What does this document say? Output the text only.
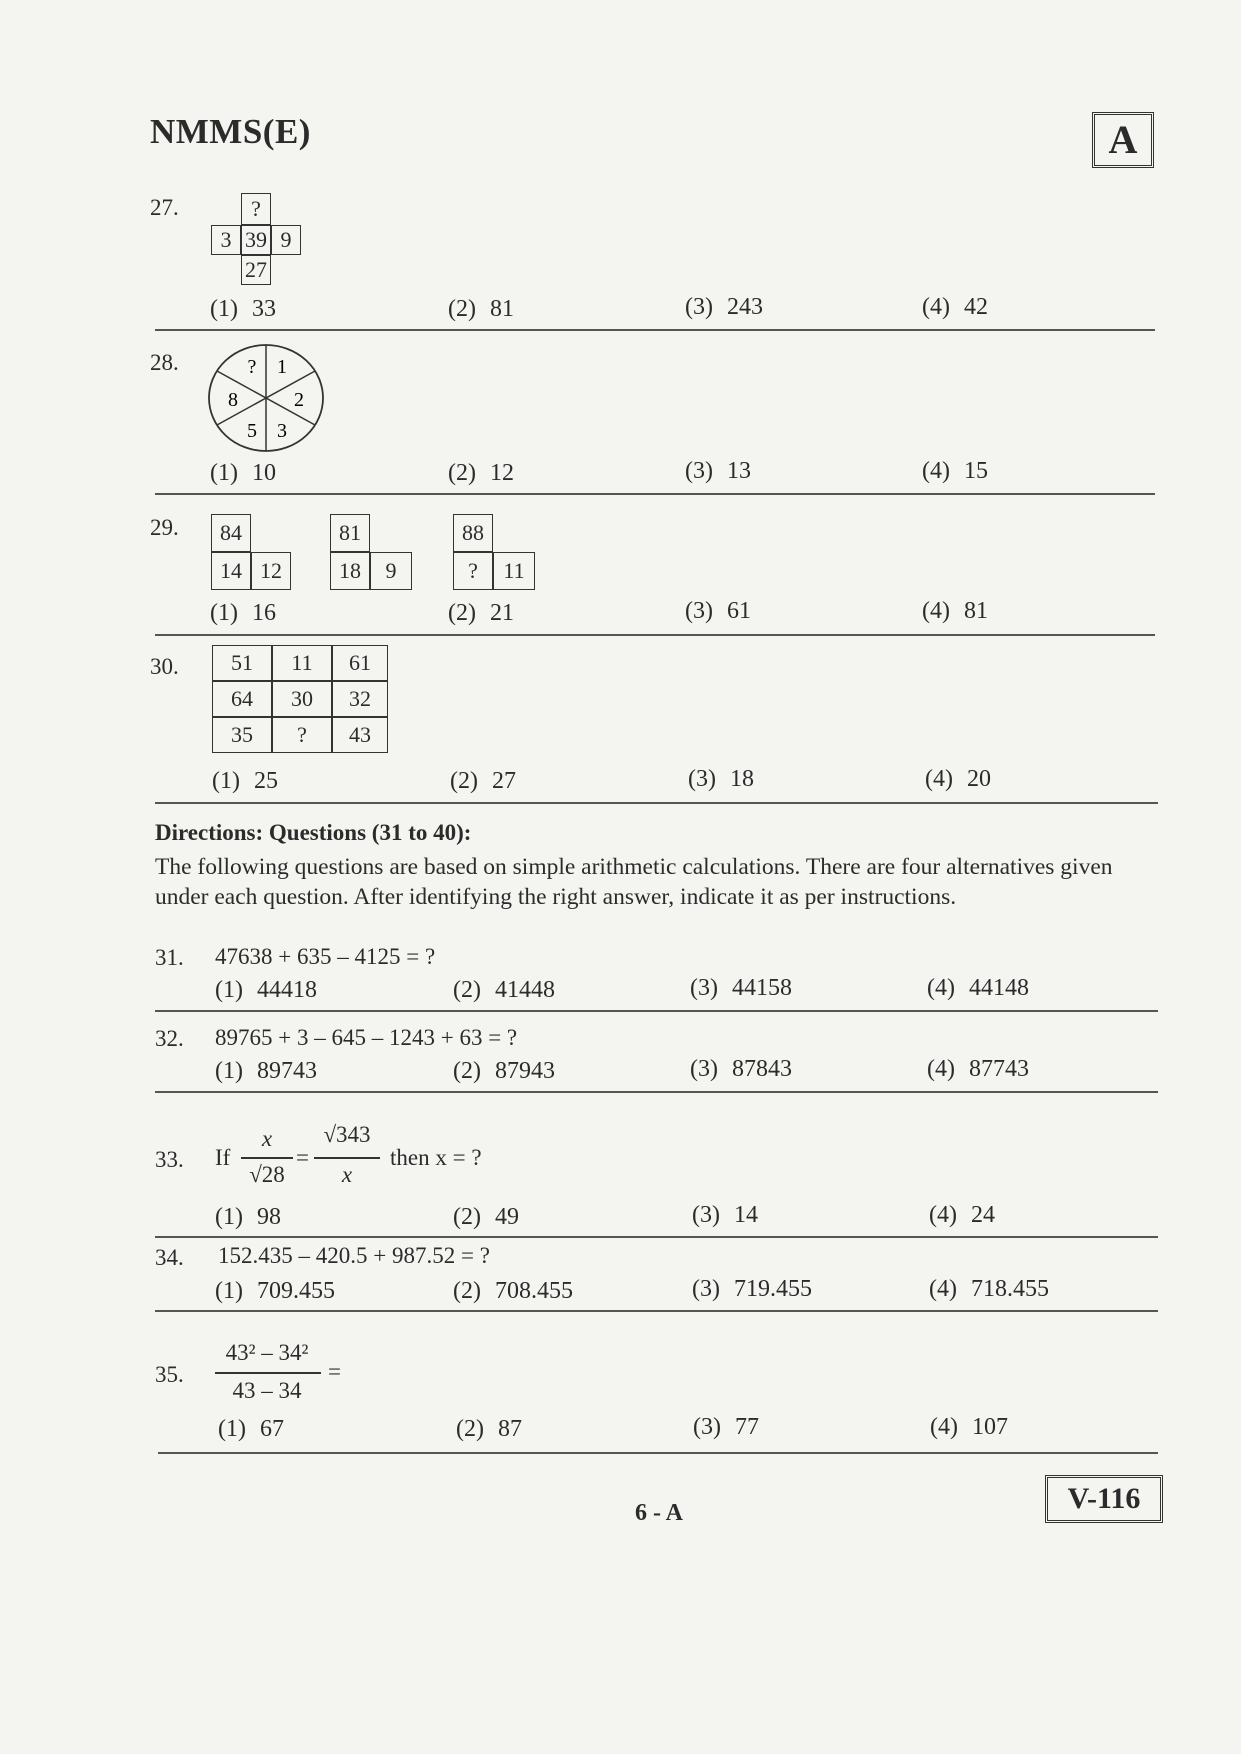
NMMS(E)	A
27.	?
3 39 9
27
(1) 33	(2) 81	(3) 243	(4) 42
28.	? 1
2
3
5
8
(1) 10	(2) 12	(3) 13	(4) 15
29.	84
14 12
81
18	9
88
?	11
(1) 16	(2) 21	(3) 61	(4) 81
30.	51	11	61
64	30	32
35	?	43
(1) 25	(2) 27	(3) 18	(4) 20
Directions: Questions (31 to 40):
The following questions are based on simple arithmetic calculations. There are four alternatives given under each question. After identifying the right answer, indicate it as per instructions.
31. 47638 + 635 – 4125 = ?
(1) 44418	(2) 41448	(3) 44158	(4) 44148
32. 89765 + 3 – 645 – 1243 + 63 = ?
(1) 89743	(2) 87943	(3) 87843	(4) 87743
33. If
x
√28
=
√343
x
then x = ?
(1) 98	(2) 49	(3) 14	(4) 24
34. 152.435 – 420.5 + 987.52 = ?
(1) 709.455	(2) 708.455	(3) 719.455	(4) 718.455
35.
43² – 34²
43 – 34
=
(1) 67	(2) 87	(3) 77	(4) 107
V-116
6 - A
